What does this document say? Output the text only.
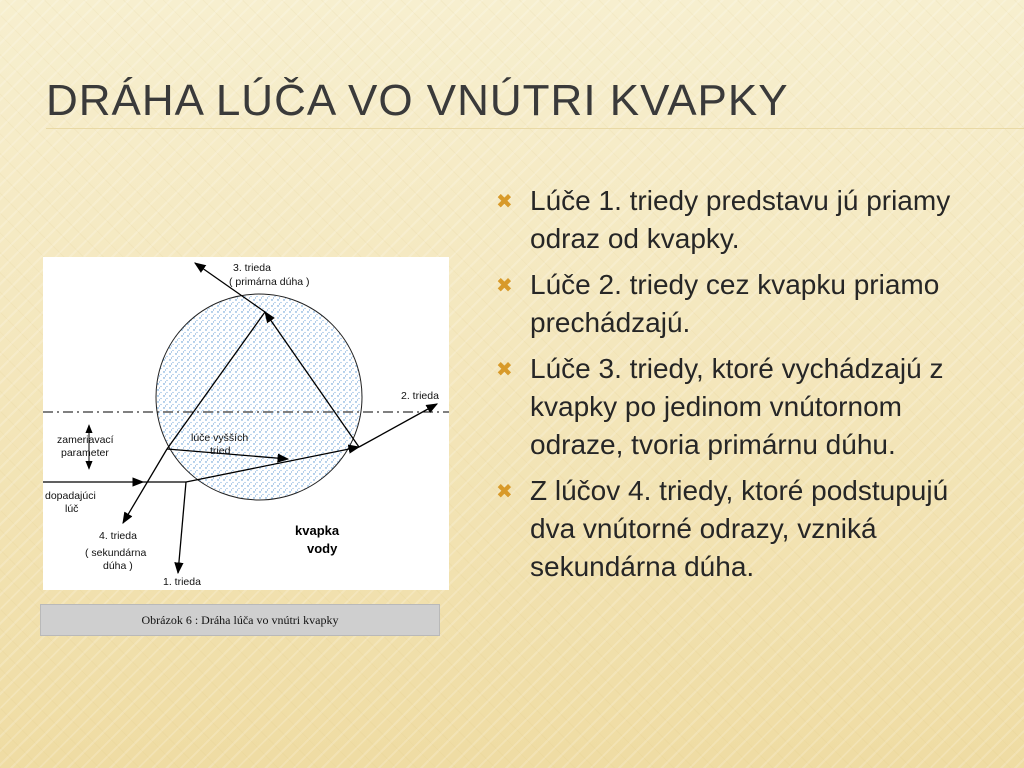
DRÁHA LÚČA VO VNÚTRI KVAPKY
3. trieda
( primárna dúha )
2. trieda
zameriavací
parameter
lúče vyšších
tried
dopadajúci
lúč
4. trieda
( sekundárna
dúha )
1. trieda
kvapka
vody
Obrázok 6 : Dráha lúča vo vnútri kvapky
✖ Lúče 1. triedy predstavu jú priamy odraz od kvapky.
✖ Lúče 2. triedy cez kvapku priamo prechádzajú.
✖ Lúče 3. triedy, ktoré vychádzajú z kvapky po jedinom vnútornom odraze, tvoria primárnu dúhu.
✖ Z lúčov 4. triedy, ktoré podstupujú dva vnútorné odrazy, vzniká sekundárna dúha.
